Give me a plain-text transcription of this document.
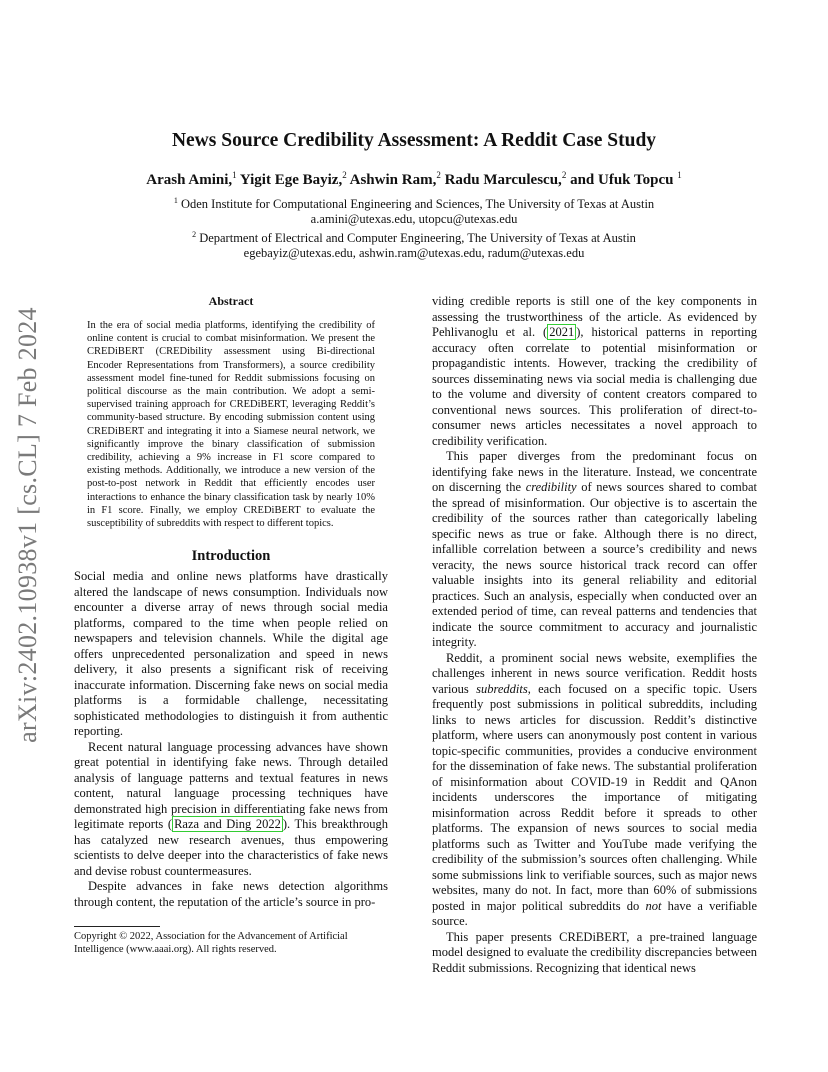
arXiv:2402.10938v1 [cs.CL] 7 Feb 2024
News Source Credibility Assessment: A Reddit Case Study
Arash Amini,$^1$ Yigit Ege Bayiz,$^2$ Ashwin Ram,$^2$ Radu Marculescu,$^2$ and Ufuk Topcu $^1$
$^1$ Oden Institute for Computational Engineering and Sciences, The University of Texas at Austin
a.amini@utexas.edu, utopcu@utexas.edu
$^2$ Department of Electrical and Computer Engineering, The University of Texas at Austin
egebayiz@utexas.edu, ashwin.ram@utexas.edu, radum@utexas.edu
Abstract

In the era of social media platforms, identifying the credibility of online content is crucial to combat misinformation. We present the CREDiBERT (CREDibility assessment using Bi-directional Encoder Representations from Transformers), a source credibility assessment model fine-tuned for Reddit submissions focusing on political discourse as the main contribution. We adopt a semi-supervised training approach for CREDiBERT, leveraging Reddit’s community-based structure. By encoding submission content using CREDiBERT and integrating it into a Siamese neural network, we significantly improve the binary classification of submission credibility, achieving a 9% increase in F1 score compared to existing methods. Additionally, we introduce a new version of the post-to-post network in Reddit that efficiently encodes user interactions to enhance the binary classification task by nearly 10% in F1 score. Finally, we employ CREDiBERT to evaluate the susceptibility of subreddits with respect to different topics.

Introduction

Social media and online news platforms have drastically altered the landscape of news consumption. Individuals now encounter a diverse array of news through social media platforms, compared to the time when people relied on newspapers and television channels. While the digital age offers unprecedented personalization and speed in news delivery, it also presents a significant risk of receiving inaccurate information. Discerning fake news on social media platforms is a formidable challenge, necessitating sophisticated methodologies to distinguish it from authentic reporting.

Recent natural language processing advances have shown great potential in identifying fake news. Through detailed analysis of language patterns and textual features in news content, natural language processing techniques have demonstrated high precision in differentiating fake news from legitimate reports ( Raza and Ding 2022 ). This breakthrough has catalyzed new research avenues, thus empowering scientists to delve deeper into the characteristics of fake news and devise robust countermeasures.

Despite advances in fake news detection algorithms through content, the reputation of the article’s source in pro-

viding credible reports is still one of the key components in assessing the trustworthiness of the article. As evidenced by Pehlivanoglu et al. ( 2021 ), historical patterns in reporting accuracy often correlate to potential misinformation or propagandistic intents. However, tracking the credibility of sources disseminating news via social media is challenging due to the volume and diversity of content creators compared to conventional news sources. This proliferation of direct-to-consumer news articles necessitates a novel approach to credibility verification.

This paper diverges from the predominant focus on identifying fake news in the literature. Instead, we concentrate on discerning the credibility of news sources shared to combat the spread of misinformation. Our objective is to ascertain the credibility of the sources rather than categorically labeling specific news as true or fake. Although there is no direct, infallible correlation between a source’s credibility and news veracity, the news source historical track record can offer valuable insights into its general reliability and editorial practices. Such an analysis, especially when conducted over an extended period of time, can reveal patterns and tendencies that indicate the source commitment to accuracy and journalistic integrity.

Reddit, a prominent social news website, exemplifies the challenges inherent in news source verification. Reddit hosts various subreddits, each focused on a specific topic. Users frequently post submissions in political subreddits, including links to news articles for discussion. Reddit’s distinctive platform, where users can anonymously post content in various topic-specific communities, provides a conducive environment for the dissemination of fake news. The substantial proliferation of misinformation about COVID-19 in Reddit and QAnon incidents underscores the importance of mitigating misinformation across Reddit before it spreads to other platforms. The expansion of news sources to social media platforms such as Twitter and YouTube made verifying the credibility of the submission’s sources often challenging. While some submissions link to verifiable sources, such as major news websites, many do not. In fact, more than 60% of submissions posted in major political subreddits do not have a verifiable source.

This paper presents CREDiBERT, a pre-trained language model designed to evaluate the credibility discrepancies between Reddit submissions. Recognizing that identical news

Copyright © 2022, Association for the Advancement of Artificial Intelligence (www.aaai.org). All rights reserved.
